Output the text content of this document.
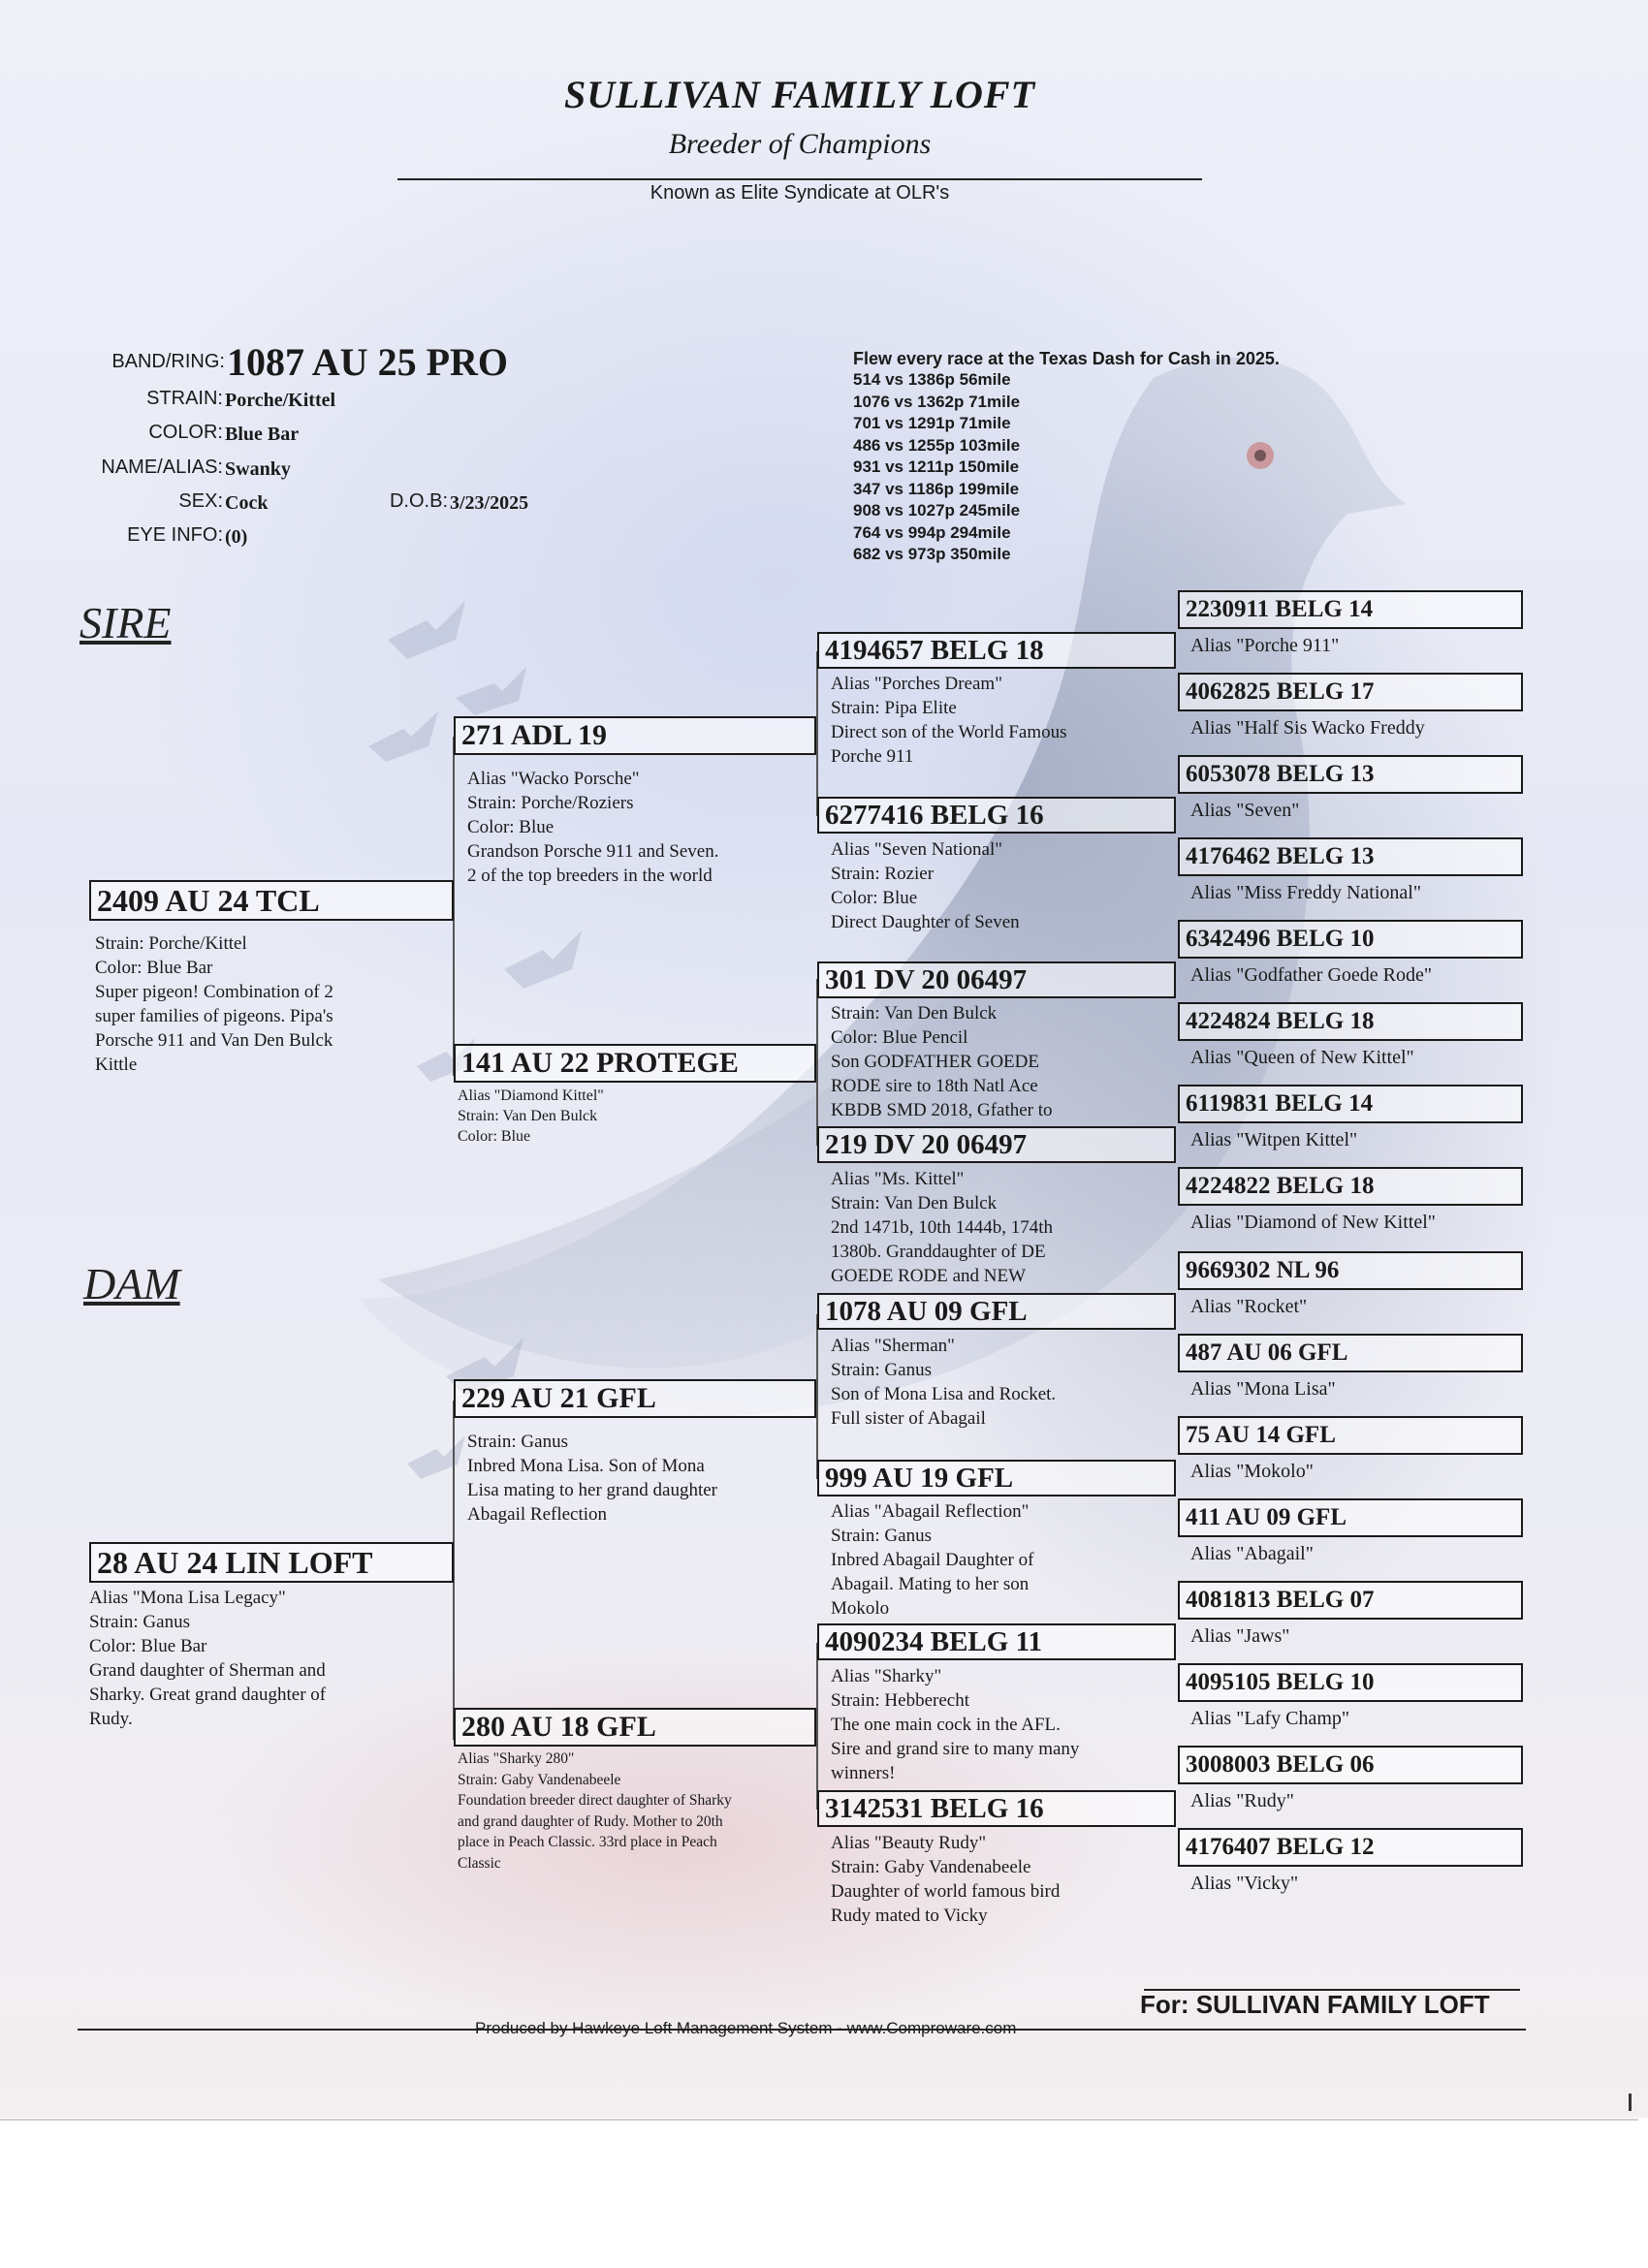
SULLIVAN FAMILY LOFT
Breeder of Champions
Known as Elite Syndicate at OLR's
BAND/RING: 1087 AU 25 PRO
STRAIN: Porche/Kittel
COLOR: Blue Bar
NAME/ALIAS: Swanky
SEX: Cock	D.O.B: 3/23/2025
EYE INFO: (0)
Flew every race at the Texas Dash for Cash in 2025.
514 vs 1386p 56mile
1076 vs 1362p 71mile
701 vs 1291p 71mile
486 vs 1255p 103mile
931 vs 1211p 150mile
347 vs 1186p 199mile
908 vs 1027p 245mile
764 vs 994p 294mile
682 vs 973p 350mile
SIRE
DAM
2409 AU 24 TCL
Strain: Porche/Kittel
Color: Blue Bar
Super pigeon! Combination of 2
super families of pigeons. Pipa's
Porsche 911 and Van Den Bulck
Kittle
28 AU 24 LIN LOFT
Alias "Mona Lisa Legacy"
Strain: Ganus
Color: Blue Bar
Grand daughter of Sherman and
Sharky. Great grand daughter of
Rudy.
271 ADL 19
Alias "Wacko Porsche"
Strain: Porche/Roziers
Color: Blue
Grandson Porsche 911 and Seven.
2 of the top breeders in the world
141 AU 22 PROTEGE
Alias "Diamond Kittel"
Strain: Van Den Bulck
Color: Blue
229 AU 21 GFL
Strain: Ganus
Inbred Mona Lisa. Son of Mona
Lisa mating to her grand daughter
Abagail Reflection
280 AU 18 GFL
Alias "Sharky 280"
Strain: Gaby Vandenabeele
Foundation breeder direct daughter of Sharky
and grand daughter of Rudy. Mother to 20th
place in Peach Classic. 33rd place in Peach
Classic
4194657 BELG 18
Alias "Porches Dream"
Strain: Pipa Elite
Direct son of the World Famous
Porche 911
6277416 BELG 16
Alias "Seven National"
Strain: Rozier
Color: Blue
Direct Daughter of Seven
301 DV 20 06497
Strain: Van Den Bulck
Color: Blue Pencil
Son GODFATHER GOEDE
RODE sire to 18th Natl Ace
KBDB SMD 2018, Gfather to
219 DV 20 06497
Alias "Ms. Kittel"
Strain: Van Den Bulck
2nd 1471b, 10th 1444b, 174th
1380b. Granddaughter of DE
GOEDE RODE and NEW
1078 AU 09 GFL
Alias "Sherman"
Strain: Ganus
Son of Mona Lisa and Rocket.
Full sister of Abagail
999 AU 19 GFL
Alias "Abagail Reflection"
Strain: Ganus
Inbred Abagail Daughter of
Abagail. Mating to her son
Mokolo
4090234 BELG 11
Alias "Sharky"
Strain: Hebberecht
The one main cock in the AFL.
Sire and grand sire to many many
winners!
3142531 BELG 16
Alias "Beauty Rudy"
Strain: Gaby Vandenabeele
Daughter of world famous bird
Rudy mated to Vicky
2230911 BELG 14
Alias "Porche 911"
4062825 BELG 17
Alias "Half Sis Wacko Freddy
6053078 BELG 13
Alias "Seven"
4176462 BELG 13
Alias "Miss Freddy National"
6342496 BELG 10
Alias "Godfather Goede Rode"
4224824 BELG 18
Alias "Queen of New Kittel"
6119831 BELG 14
Alias "Witpen Kittel"
4224822 BELG 18
Alias "Diamond of New Kittel"
9669302 NL 96
Alias "Rocket"
487 AU 06 GFL
Alias "Mona Lisa"
75 AU 14 GFL
Alias "Mokolo"
411 AU 09 GFL
Alias "Abagail"
4081813 BELG 07
Alias "Jaws"
4095105 BELG 10
Alias "Lafy Champ"
3008003 BELG 06
Alias "Rudy"
4176407 BELG 12
Alias "Vicky"
For: SULLIVAN FAMILY LOFT
Produced by Hawkeye Loft Management System - www.Comproware.com
